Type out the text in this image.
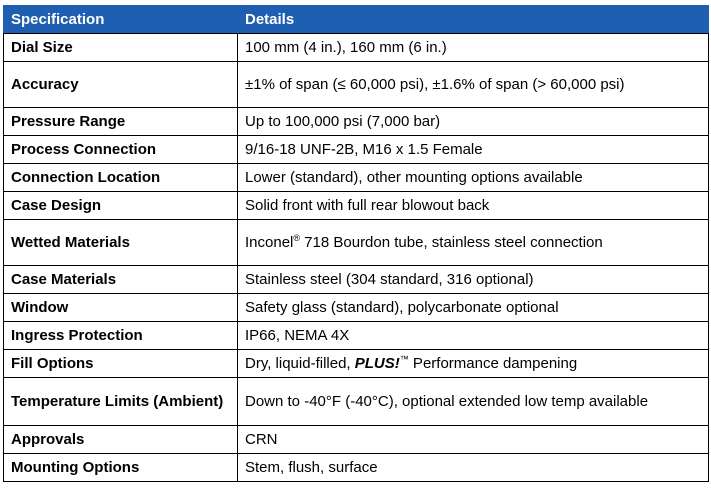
Specification	Details
Dial Size	100 mm (4 in.), 160 mm (6 in.)
Accuracy	±1% of span (≤ 60,000 psi), ±1.6% of span (> 60,000 psi)
Pressure Range	Up to 100,000 psi (7,000 bar)
Process Connection	9/16-18 UNF-2B, M16 x 1.5 Female
Connection Location	Lower (standard), other mounting options available
Case Design	Solid front with full rear blowout back
Wetted Materials	Inconel® 718 Bourdon tube, stainless steel connection
Case Materials	Stainless steel (304 standard, 316 optional)
Window	Safety glass (standard), polycarbonate optional
Ingress Protection	IP66, NEMA 4X
Fill Options	Dry, liquid-filled, PLUS!™ Performance dampening
Temperature Limits (Ambient)	Down to -40°F (-40°C), optional extended low temp available
Approvals	CRN
Mounting Options	Stem, flush, surface
